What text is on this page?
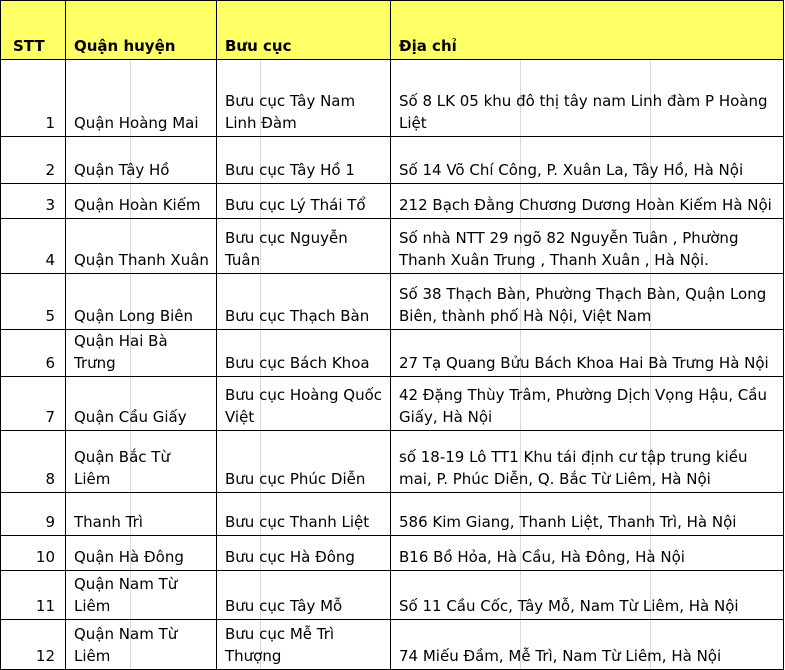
STT	Quận huyện	Bưu cục	Địa chỉ
1	Quận Hoàng Mai	Bưu cục Tây Nam Linh Đàm	Số 8 LK 05 khu đô thị tây nam Linh đàm P Hoàng Liệt
2	Quận Tây Hồ	Bưu cục Tây Hồ 1	Số 14 Võ Chí Công, P. Xuân La, Tây Hồ, Hà Nội
3	Quận Hoàn Kiếm	Bưu cục Lý Thái Tổ	212 Bạch Đằng Chương Dương Hoàn Kiếm Hà Nội
4	Quận Thanh Xuân	Bưu cục Nguyễn Tuân	Số nhà NTT 29 ngõ 82 Nguyễn Tuân , Phường Thanh Xuân Trung , Thanh Xuân , Hà Nội.
5	Quận Long Biên	Bưu cục Thạch Bàn	Số 38 Thạch Bàn, Phường Thạch Bàn, Quận Long Biên, thành phố Hà Nội, Việt Nam
6	Quận Hai Bà Trưng	Bưu cục Bách Khoa	27 Tạ Quang Bửu Bách Khoa Hai Bà Trưng Hà Nội
7	Quận Cầu Giấy	Bưu cục Hoàng Quốc Việt	42 Đặng Thùy Trâm, Phường Dịch Vọng Hậu, Cầu Giấy, Hà Nội
8	Quận Bắc Từ Liêm	Bưu cục Phúc Diễn	số 18-19 Lô TT1 Khu tái định cư tập trung kiều mai, P. Phúc Diễn, Q. Bắc Từ Liêm, Hà Nội
9	Thanh Trì	Bưu cục Thanh Liệt	586 Kim Giang, Thanh Liệt, Thanh Trì, Hà Nội
10	Quận Hà Đông	Bưu cục Hà Đông	B16 Bồ Hỏa, Hà Cầu, Hà Đông, Hà Nội
11	Quận Nam Từ Liêm	Bưu cục Tây Mỗ	Số 11 Cầu Cốc, Tây Mỗ, Nam Từ Liêm, Hà Nội
12	Quận Nam Từ Liêm	Bưu cục Mễ Trì Thượng	74 Miếu Đầm, Mễ Trì, Nam Từ Liêm, Hà Nội
